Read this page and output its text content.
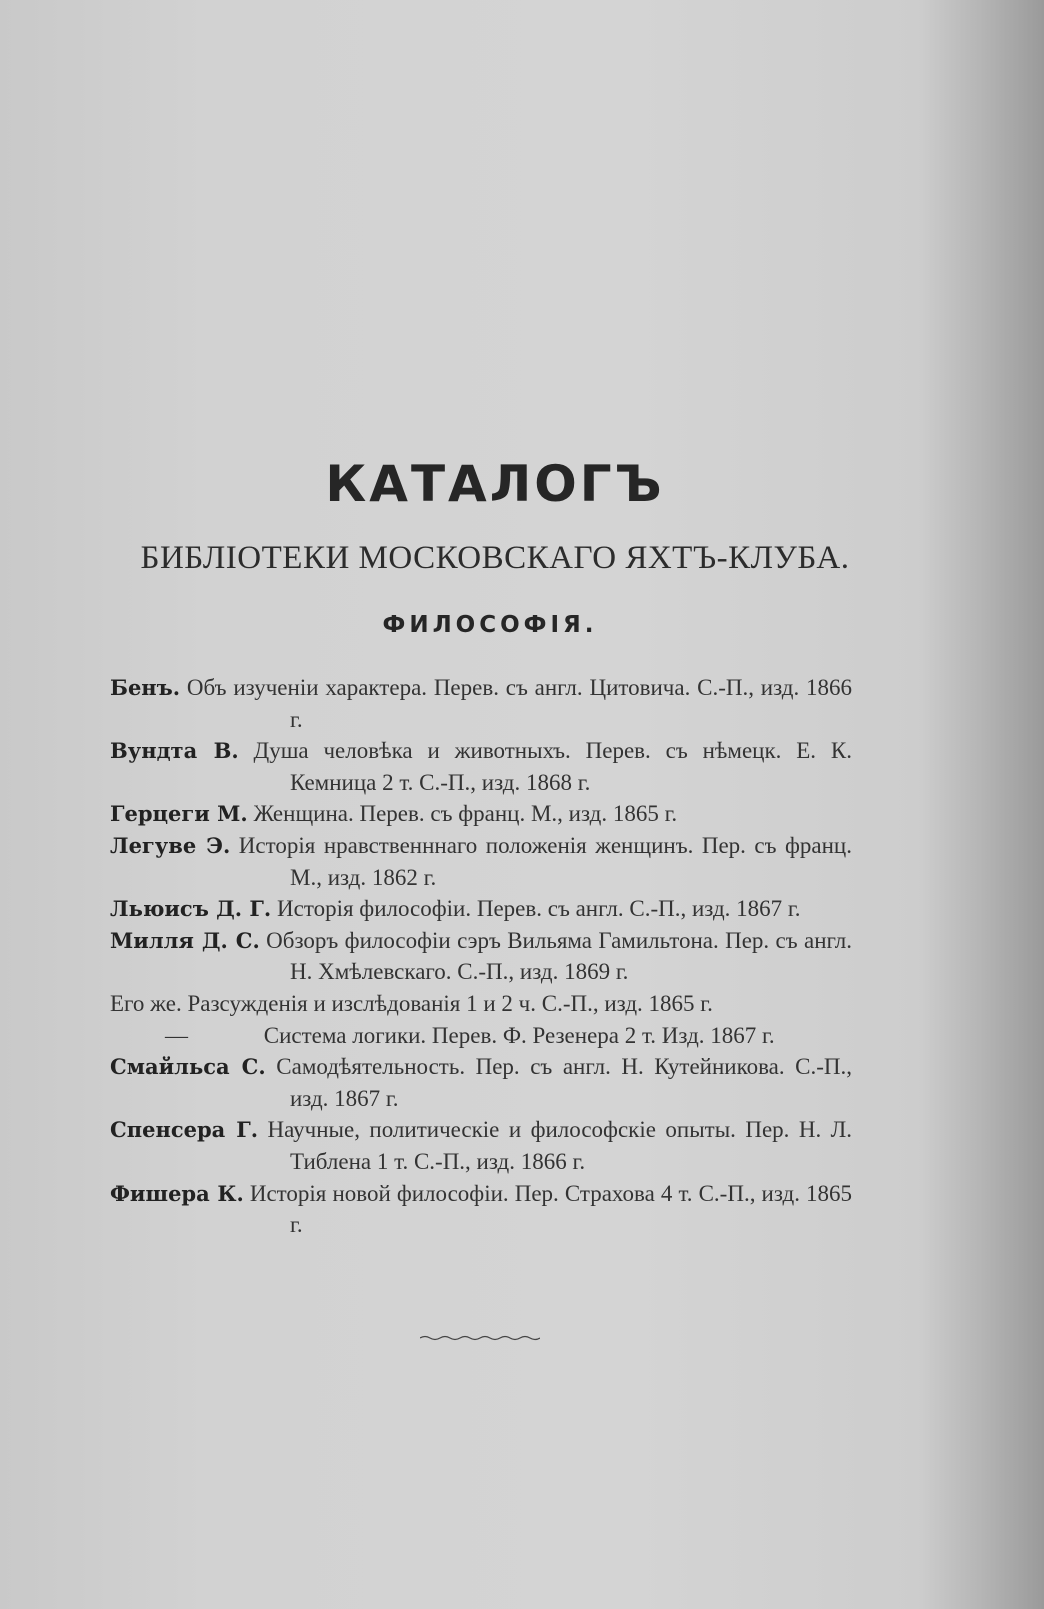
КАТАЛОГЪ
БИБЛІОТЕКИ МОСКОВСКАГО ЯХТЪ-КЛУБА.
ФИЛОСОФІЯ.
Бенъ. Объ изученіи характера. Перев. съ англ. Цитовича. С.-П., изд. 1866 г.
Вундта В. Душа человѣка и животныхъ. Перев. съ нѣмецк. Е. К. Кемница 2 т. С.-П., изд. 1868 г.
Герцеги М. Женщина. Перев. съ франц. М., изд. 1865 г.
Легуве Э. Исторія нравственннаго положенія женщинъ. Пер. съ франц. М., изд. 1862 г.
Льюисъ Д. Г. Исторія философіи. Перев. съ англ. С.-П., изд. 1867 г.
Милля Д. С. Обзоръ философіи сэръ Вильяма Гамильтона. Пер. съ англ. Н. Хмѣлевскаго. С.-П., изд. 1869 г.
Его же. Разсужденія и изслѣдованія 1 и 2 ч. С.-П., изд. 1865 г.
—	Система логики. Перев. Ф. Резенера 2 т. Изд. 1867 г.
Смайльса С. Самодѣятельность. Пер. съ англ. Н. Кутейникова. С.-П., изд. 1867 г.
Спенсера Г. Научные, политическіе и философскіе опыты. Пер. Н. Л. Тиблена 1 т. С.-П., изд. 1866 г.
Фишера К. Исторія новой философіи. Пер. Страхова 4 т. С.-П., изд. 1865 г.
